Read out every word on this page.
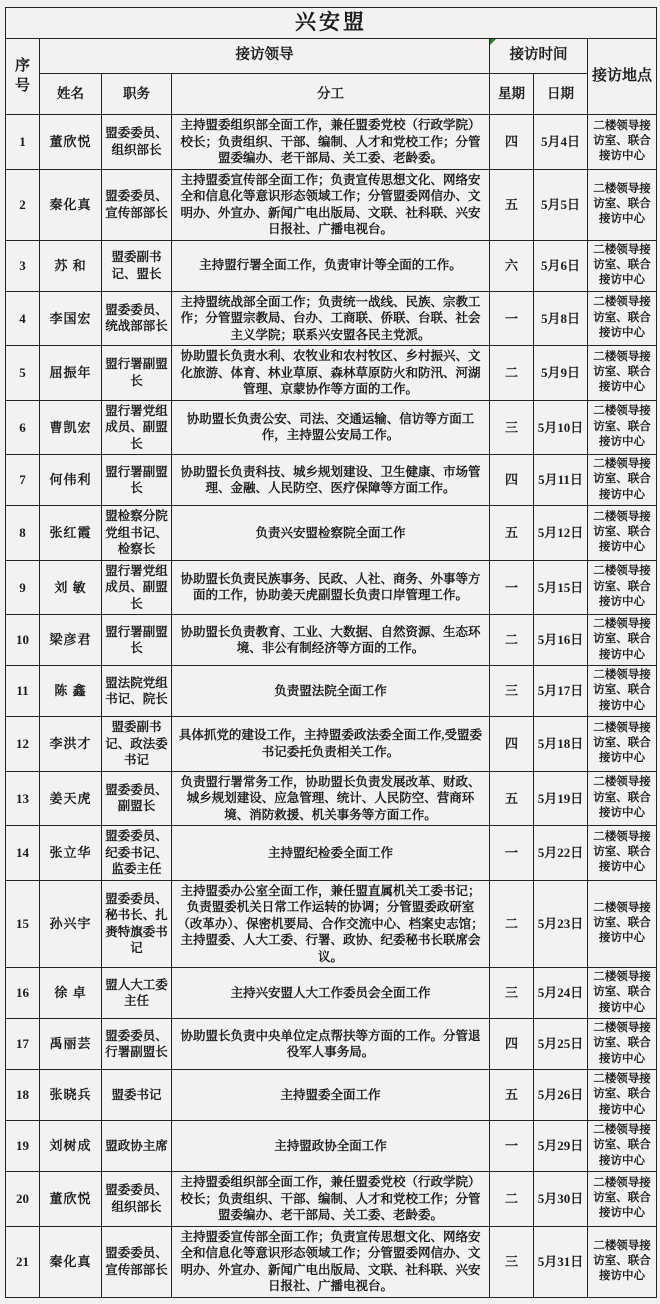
兴安盟						
序号	接访领导			接访时间		接访地点
	姓名	职务	分工	星期	日期	
1	董欣悦	盟委委员、组织部长	主持盟委组织部全面工作，兼任盟委党校（行政学院）校长；负责组织、干部、编制、人才和党校工作；分管盟委编办、老干部局、关工委、老龄委。	四	5月4日	二楼领导接访室、联合接访中心
2	秦化真	盟委委员、宣传部部长	主持盟委宣传部全面工作；负责宣传思想文化、网络安全和信息化等意识形态领域工作；分管盟委网信办、文明办、外宣办、新闻广电出版局、文联、社科联、兴安日报社、广播电视台。	五	5月5日	二楼领导接访室、联合接访中心
3	苏 和	盟委副书记、盟长	主持盟行署全面工作，负责审计等全面的工作。	六	5月6日	二楼领导接访室、联合接访中心
4	李国宏	盟委委员、统战部部长	主持盟统战部全面工作；负责统一战线、民族、宗教工作；分管盟宗教局、台办、工商联、侨联、台联、社会主义学院；联系兴安盟各民主党派。	一	5月8日	二楼领导接访室、联合接访中心
5	屈振年	盟行署副盟长	协助盟长负责水利、农牧业和农村牧区、乡村振兴、文化旅游、体育、林业草原、森林草原防火和防汛、河湖管理、京蒙协作等方面的工作。	二	5月9日	二楼领导接访室、联合接访中心
6	曹凯宏	盟行署党组成员、副盟长	协助盟长负责公安、司法、交通运输、信访等方面工作，主持盟公安局工作。	三	5月10日	二楼领导接访室、联合接访中心
7	何伟利	盟行署副盟长	协助盟长负责科技、城乡规划建设、卫生健康、市场管理、金融、人民防空、医疗保障等方面工作。	四	5月11日	二楼领导接访室、联合接访中心
8	张红霞	盟检察分院党组书记、检察长	负责兴安盟检察院全面工作	五	5月12日	二楼领导接访室、联合接访中心
9	刘 敏	盟行署党组成员、副盟长	协助盟长负责民族事务、民政、人社、商务、外事等方面的工作，协助姜天虎副盟长负责口岸管理工作。	一	5月15日	二楼领导接访室、联合接访中心
10	梁彦君	盟行署副盟长	协助盟长负责教育、工业、大数据、自然资源、生态环境、非公有制经济等方面的工作。	二	5月16日	二楼领导接访室、联合接访中心
11	陈 鑫	盟法院党组书记、院长	负责盟法院全面工作	三	5月17日	二楼领导接访室、联合接访中心
12	李洪才	盟委副书记、政法委书记	具体抓党的建设工作，主持盟委政法委全面工作,受盟委书记委托负责相关工作。	四	5月18日	二楼领导接访室、联合接访中心
13	姜天虎	盟委委员、副盟长	负责盟行署常务工作，协助盟长负责发展改革、财政、城乡规划建设、应急管理、统计、人民防空、营商环境、消防救援、机关事务等方面工作。	五	5月19日	二楼领导接访室、联合接访中心
14	张立华	盟委委员、纪委书记、监委主任	主持盟纪检委全面工作	一	5月22日	二楼领导接访室、联合接访中心
15	孙兴宇	盟委委员、秘书长、扎赉特旗委书记	主持盟委办公室全面工作，兼任盟直属机关工委书记；负责盟委机关日常工作运转的协调；分管盟委政研室（改革办）、保密机要局、合作交流中心、档案史志馆；主持盟委、人大工委、行署、政协、纪委秘书长联席会议。	二	5月23日	二楼领导接访室、联合接访中心
16	徐 卓	盟人大工委主任	主持兴安盟人大工作委员会全面工作	三	5月24日	二楼领导接访室、联合接访中心
17	禹丽芸	盟委委员、行署副盟长	协助盟长负责中央单位定点帮扶等方面的工作。分管退役军人事务局。	四	5月25日	二楼领导接访室、联合接访中心
18	张晓兵	盟委书记	主持盟委全面工作	五	5月26日	二楼领导接访室、联合接访中心
19	刘树成	盟政协主席	主持盟政协全面工作	一	5月29日	二楼领导接访室、联合接访中心
20	董欣悦	盟委委员、组织部长	主持盟委组织部全面工作，兼任盟委党校（行政学院）校长；负责组织、干部、编制、人才和党校工作；分管盟委编办、老干部局、关工委、老龄委。	二	5月30日	二楼领导接访室、联合接访中心
21	秦化真	盟委委员、宣传部部长	主持盟委宣传部全面工作；负责宣传思想文化、网络安全和信息化等意识形态领域工作；分管盟委网信办、文明办、外宣办、新闻广电出版局、文联、社科联、兴安日报社、广播电视台。	三	5月31日	二楼领导接访室、联合接访中心
